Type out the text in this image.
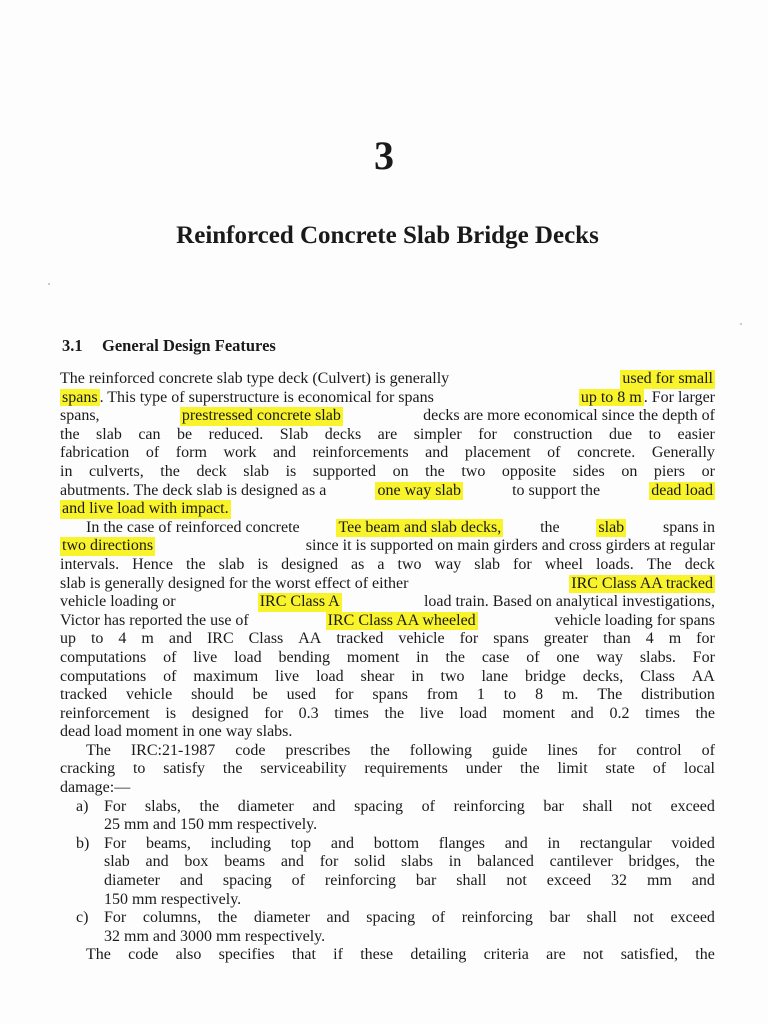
3
Reinforced Concrete Slab Bridge Decks
3.1 General Design Features
The reinforced concrete slab type deck (Culvert) is generally	used for small
spans . This type of superstructure is economical for spans	up to 8 m . For larger
spans,	prestressed concrete slab	decks are more economical since the depth of
the slab can be reduced. Slab decks are simpler for construction due to easier
fabrication of form work and reinforcements and placement of concrete. Generally
in culverts, the deck slab is supported on the two opposite sides on piers or
abutments. The deck slab is designed as a	one way slab	to support the	dead load
and live load with impact.
In the case of reinforced concrete Tee beam and slab decks, the slab spans in
two directions	since it is supported on main girders and cross girders at regular
intervals. Hence the slab is designed as a two way slab for wheel loads. The deck
slab is generally designed for the worst effect of either	IRC Class AA tracked
vehicle loading or	IRC Class A	load train. Based on analytical investigations,
Victor has reported the use of	IRC Class AA wheeled	vehicle loading for spans
up to 4 m and IRC Class AA tracked vehicle for spans greater than 4 m for
computations of live load bending moment in the case of one way slabs. For
computations of maximum live load shear in two lane bridge decks, Class AA
tracked vehicle should be used for spans from 1 to 8 m. The distribution
reinforcement is designed for 0.3 times the live load moment and 0.2 times the
dead load moment in one way slabs.
The IRC:21-1987 code prescribes the following guide lines for control of
cracking to satisfy the serviceability requirements under the limit state of local
damage:—
a) For slabs, the diameter and spacing of reinforcing bar shall not exceed
25 mm and 150 mm respectively.
b) For beams, including top and bottom flanges and in rectangular voided
slab and box beams and for solid slabs in balanced cantilever bridges, the
diameter and spacing of reinforcing bar shall not exceed 32 mm and
150 mm respectively.
c) For columns, the diameter and spacing of reinforcing bar shall not exceed
32 mm and 3000 mm respectively.
The code also specifies that if these detailing criteria are not satisfied, the
